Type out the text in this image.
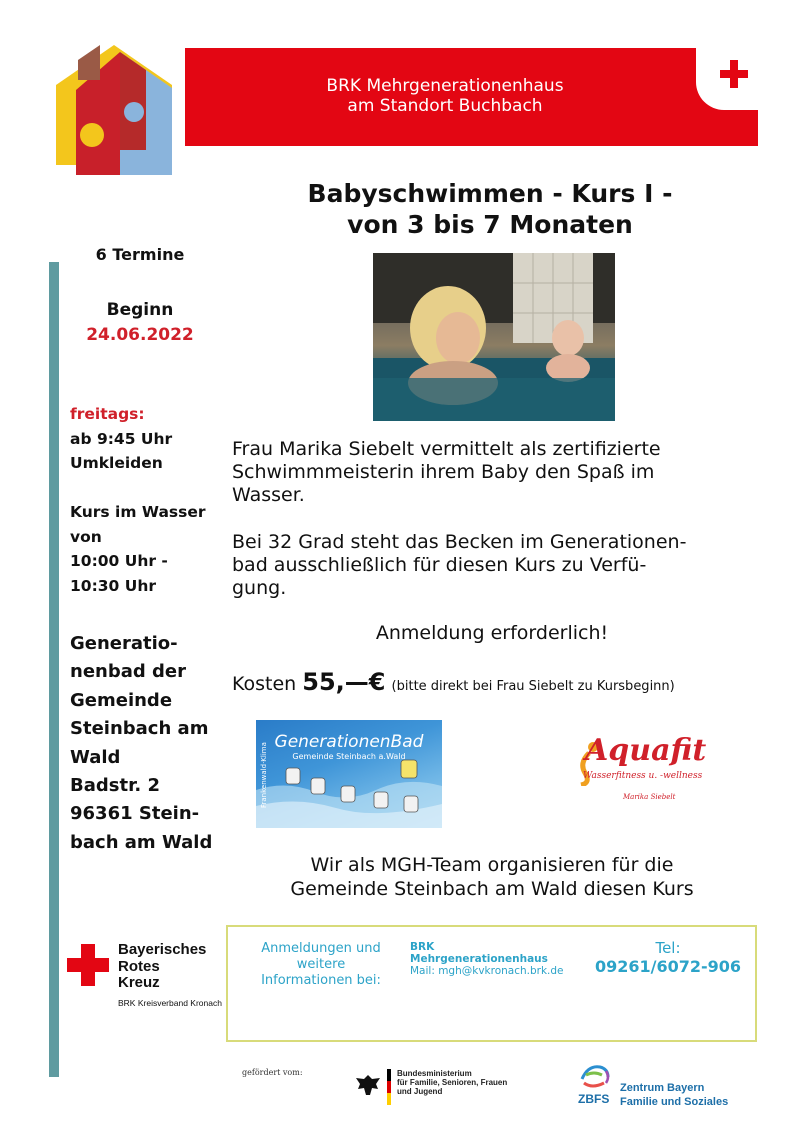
BRK Mehrgenerationenhaus
am Standort Buchbach
Babyschwimmen - Kurs I -
von 3 bis 7 Monaten
6 Termine
Beginn
24.06.2022
freitags:
ab 9:45 Uhr
Umkleiden

Kurs im Wasser
von
10:00 Uhr -
10:30 Uhr
Generatio-
nenbad der
Gemeinde
Steinbach am
Wald
Badstr. 2
96361 Stein-
bach am Wald
Frau Marika Siebelt vermittelt als zertifizierte
Schwimmmeisterin ihrem Baby den Spaß im
Wasser.
Bei 32 Grad steht das Becken im Generationen-
bad ausschließlich für diesen Kurs zu Verfü-
gung.
Anmeldung erforderlich!
Kosten 55,—€ (bitte direkt bei Frau Siebelt zu Kursbeginn)
GenerationenBad
Gemeinde Steinbach a.Wald
Frankenwald·Klima	Aquafit
Wasserfitness u. -wellness
Marika Siebelt
Wir als MGH-Team organisieren für die
Gemeinde Steinbach am Wald diesen Kurs
Bayerisches
Rotes
Kreuz
BRK Kreisverband Kronach
Anmeldungen und
weitere
Informationen bei:
BRK
Mehrgenerationenhaus
Mail: mgh@kvkronach.brk.de
Tel:
09261/6072-906
gefördert vom:	Bundesministerium
für Familie, Senioren, Frauen
und Jugend
ZBFS
Zentrum Bayern
Familie und Soziales
